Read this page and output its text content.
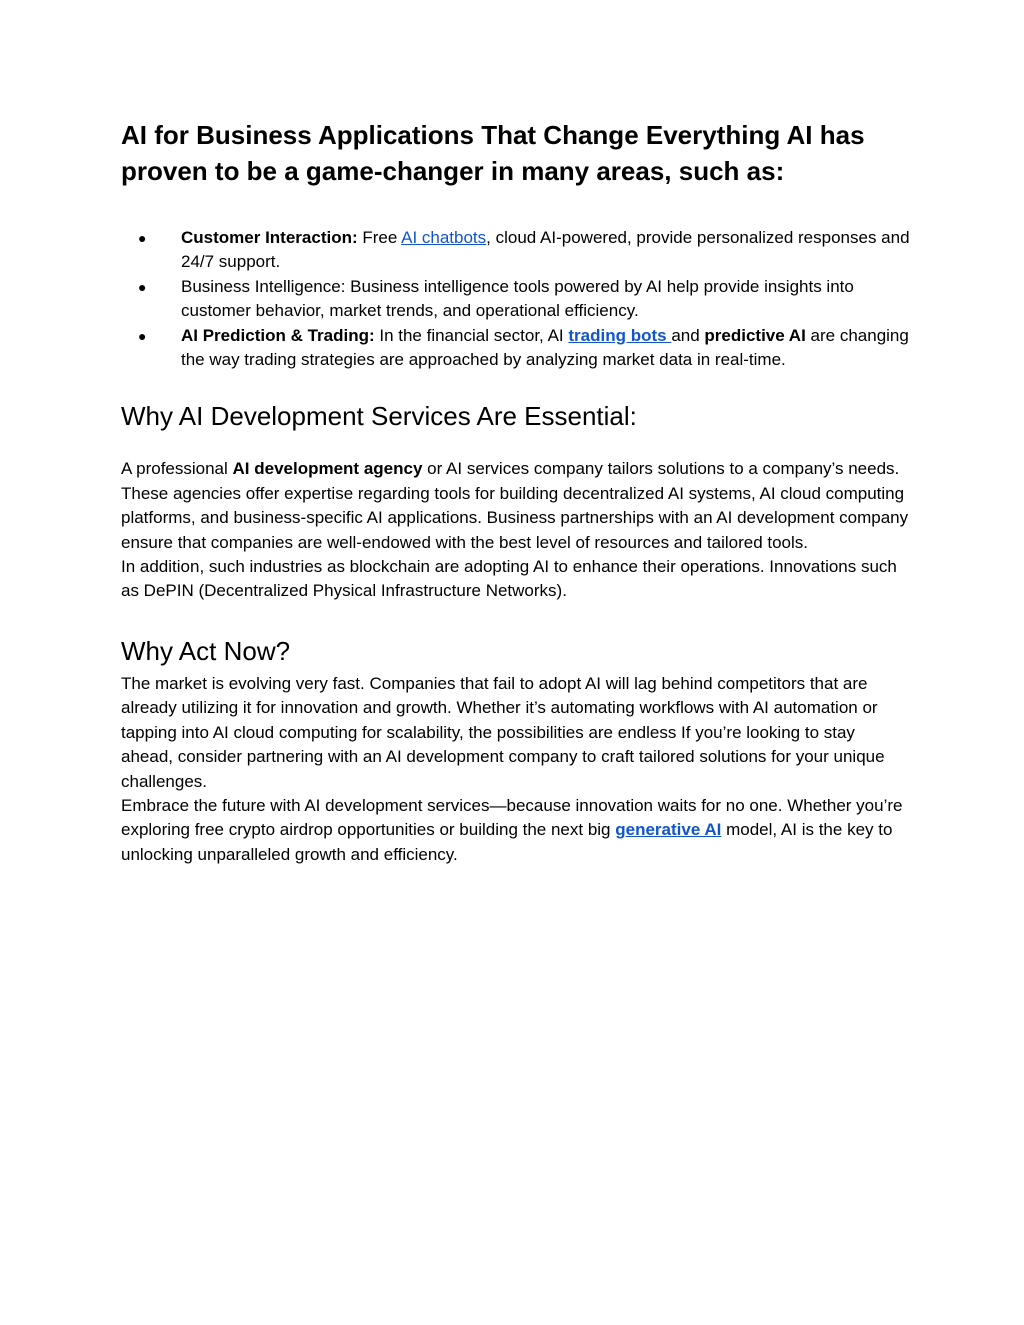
AI for Business Applications That Change Everything AI has proven to be a game-changer in many areas, such as:
● Customer Interaction: Free AI chatbots, cloud AI-powered, provide personalized responses and 24/7 support.
● Business Intelligence: Business intelligence tools powered by AI help provide insights into customer behavior, market trends, and operational efficiency.
● AI Prediction & Trading: In the financial sector, AI trading bots and predictive AI are changing the way trading strategies are approached by analyzing market data in real-time.
Why AI Development Services Are Essential:

A professional AI development agency or AI services company tailors solutions to a company’s needs. These agencies offer expertise regarding tools for building decentralized AI systems, AI cloud computing platforms, and business-specific AI applications. Business partnerships with an AI development company ensure that companies are well-endowed with the best level of resources and tailored tools.

In addition, such industries as blockchain are adopting AI to enhance their operations. Innovations such as DePIN (Decentralized Physical Infrastructure Networks).

Why Act Now?

The market is evolving very fast. Companies that fail to adopt AI will lag behind competitors that are already utilizing it for innovation and growth. Whether it’s automating workflows with AI automation or tapping into AI cloud computing for scalability, the possibilities are endless If you’re looking to stay ahead, consider partnering with an AI development company to craft tailored solutions for your unique challenges.

Embrace the future with AI development services—because innovation waits for no one. Whether you’re exploring free crypto airdrop opportunities or building the next big generative AI model, AI is the key to unlocking unparalleled growth and efficiency.
